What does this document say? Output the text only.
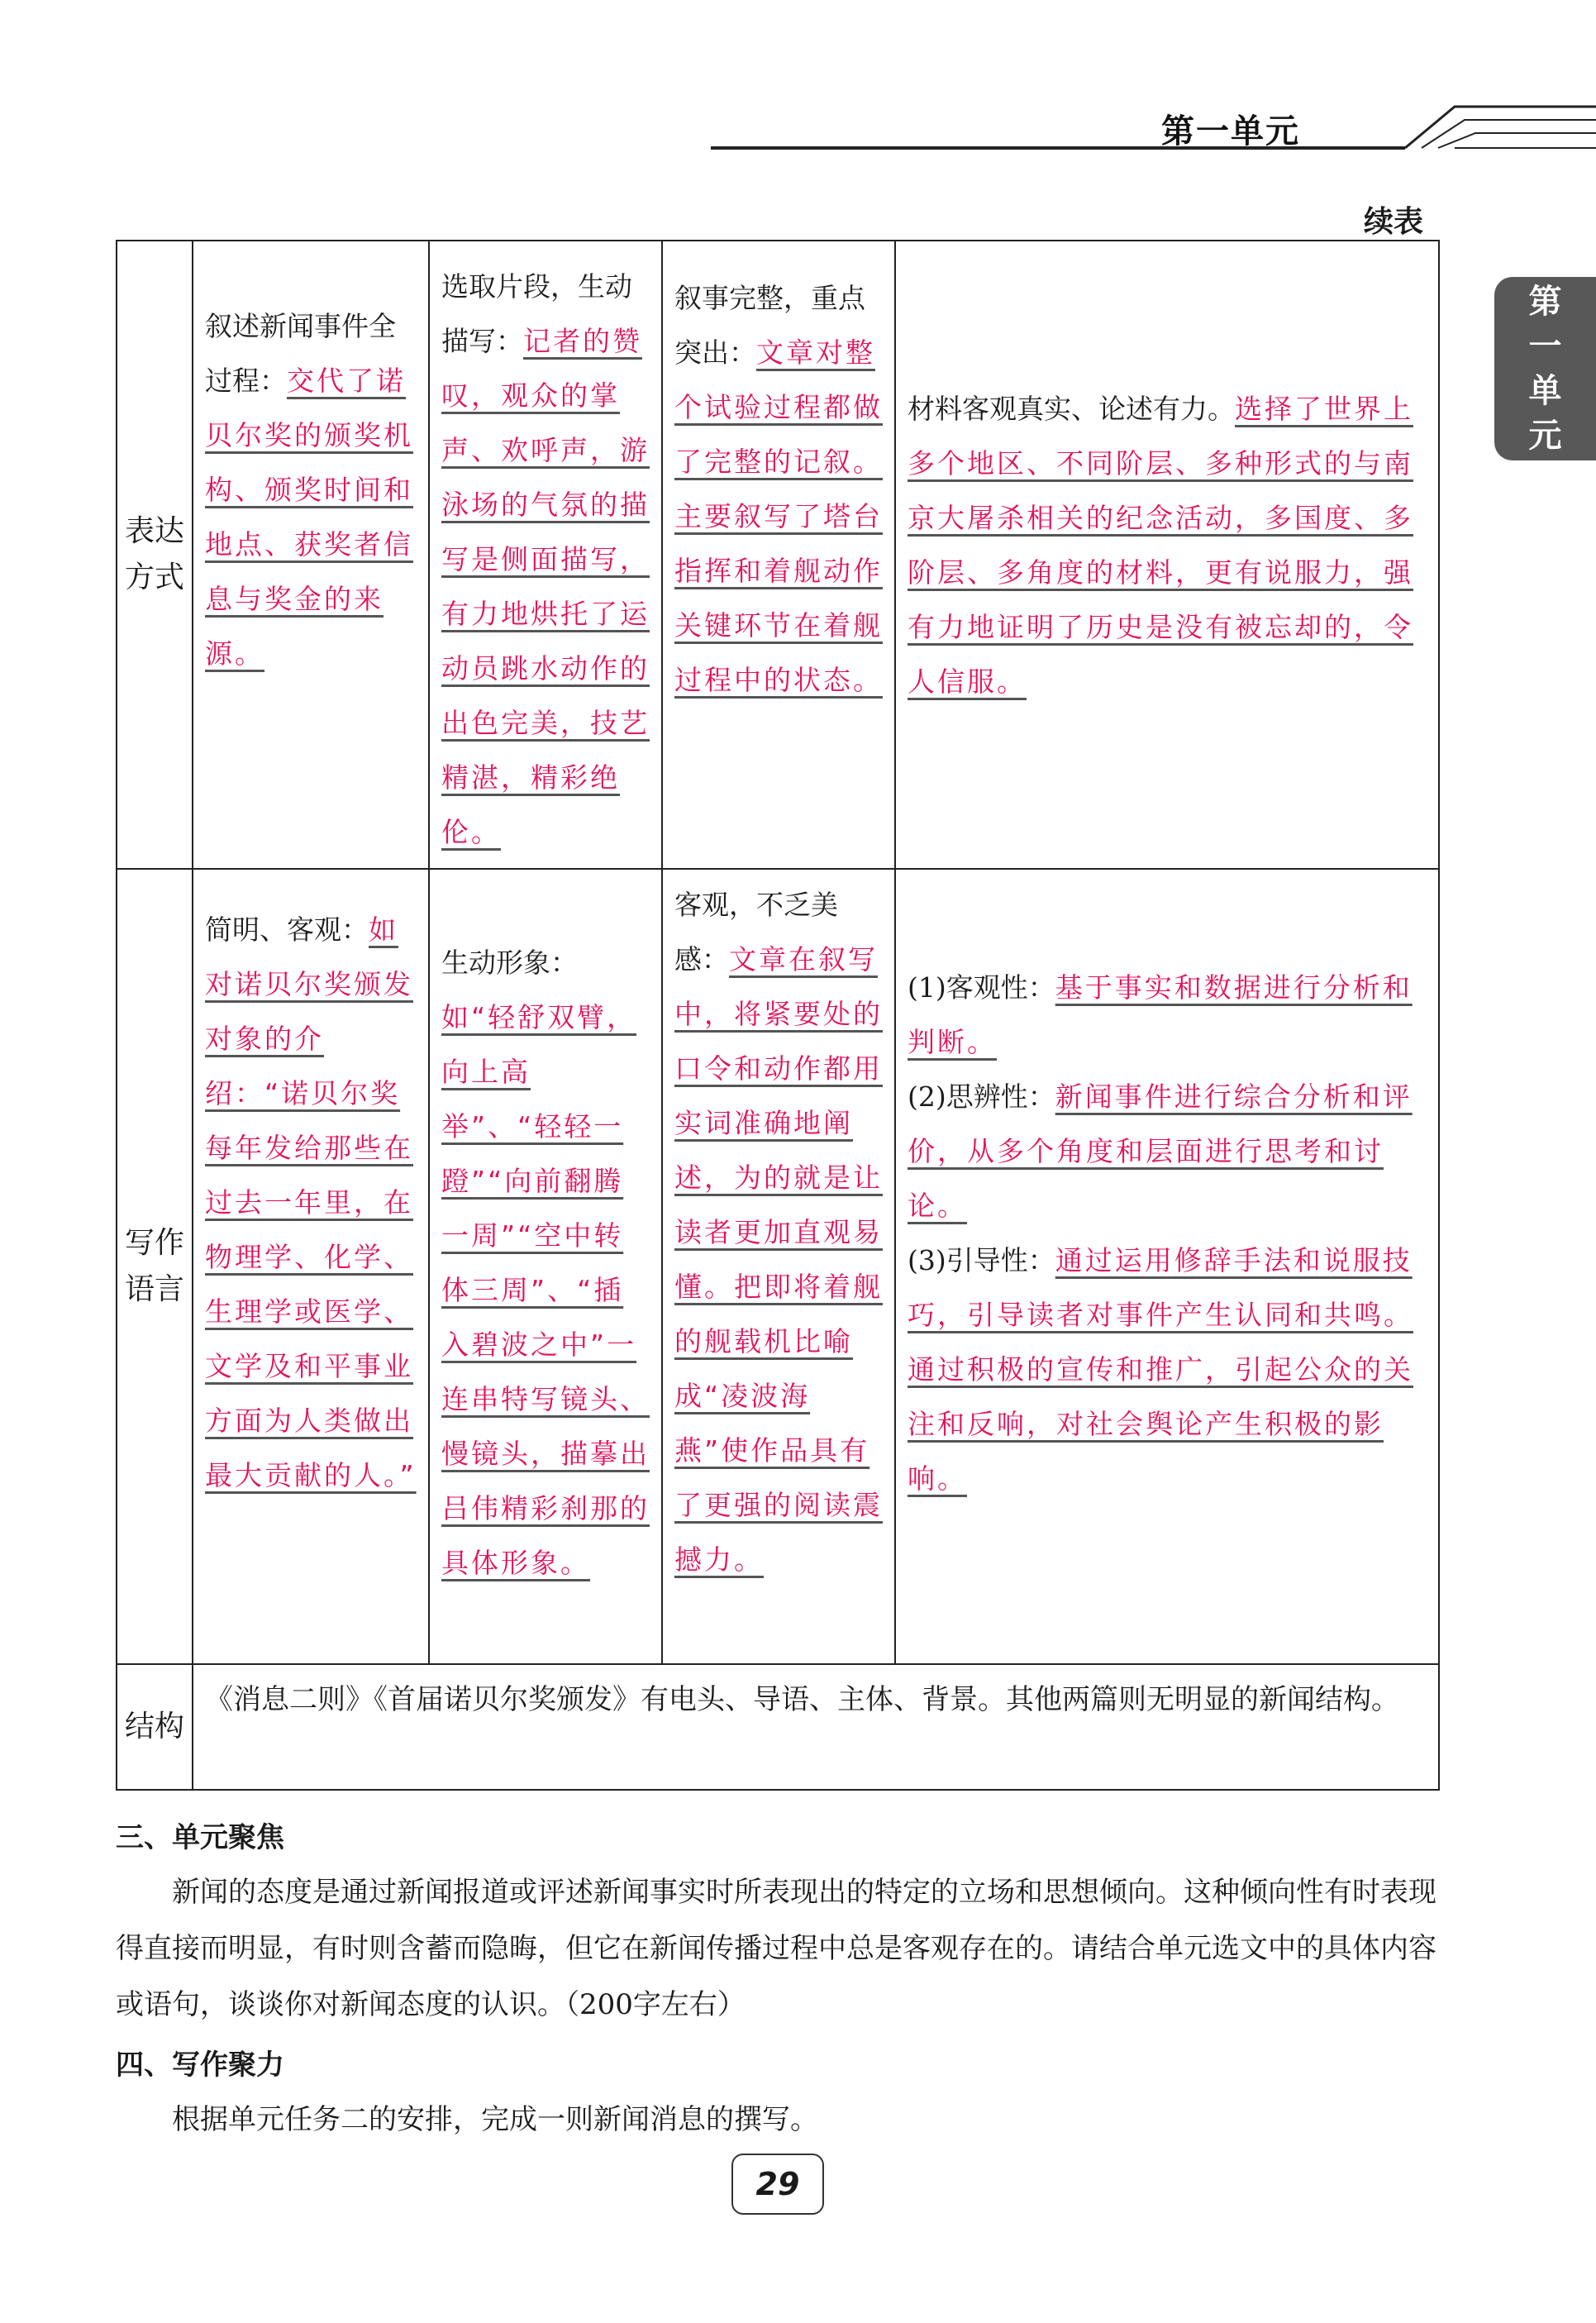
第一单元
第
一
单
元
续表
表达方式	叙述新闻事件全过程：交代了诺贝尔奖的颁奖机构、颁奖时间和地点、获奖者信息与奖金的来源。	选取片段，生动描写：记者的赞叹，观众的掌声、欢呼声，游泳场的气氛的描写是侧面描写，有力地烘托了运动员跳水动作的出色完美，技艺精湛，精彩绝伦。	叙事完整，重点突出：文章对整个试验过程都做了完整的记叙。主要叙写了塔台指挥和着舰动作关键环节在着舰过程中的状态。	材料客观真实、论述有力。选择了世界上多个地区、不同阶层、多种形式的与南京大屠杀相关的纪念活动，多国度、多阶层、多角度的材料，更有说服力，强有力地证明了历史是没有被忘却的，令人信服。

写作语言	简明、客观：如对诺贝尔奖颁发对象的介绍：“诺贝尔奖每年发给那些在过去一年里，在物理学、化学、生理学或医学、文学及和平事业方面为人类做出最大贡献的人。”	生动形象：如“轻舒双臂，向上高举”、“轻轻一蹬”“向前翻腾一周”“空中转体三周”、“插入碧波之中”一连串特写镜头、慢镜头，描摹出吕伟精彩刹那的具体形象。	客观，不乏美感：文章在叙写中，将紧要处的口令和动作都用实词准确地阐述，为的就是让读者更加直观易懂。把即将着舰的舰载机比喻成“凌波海燕”使作品具有了更强的阅读震撼力。	(1)客观性：基于事实和数据进行分析和判断。
(2)思辨性：新闻事件进行综合分析和评价，从多个角度和层面进行思考和讨论。
(3)引导性：通过运用修辞手法和说服技巧，引导读者对事件产生认同和共鸣。通过积极的宣传和推广，引起公众的关注和反响，对社会舆论产生积极的影响。

结构	《消息二则》《首届诺贝尔奖颁发》有电头、导语、主体、背景。其他两篇则无明显的新闻结构。			
三、单元聚焦
新闻的态度是通过新闻报道或评述新闻事实时所表现出的特定的立场和思想倾向。这种倾向性有时表现得直接而明显，有时则含蓄而隐晦，但它在新闻传播过程中总是客观存在的。请结合单元选文中的具体内容或语句，谈谈你对新闻态度的认识。（200字左右）
四、写作聚力
根据单元任务二的安排，完成一则新闻消息的撰写。
29
